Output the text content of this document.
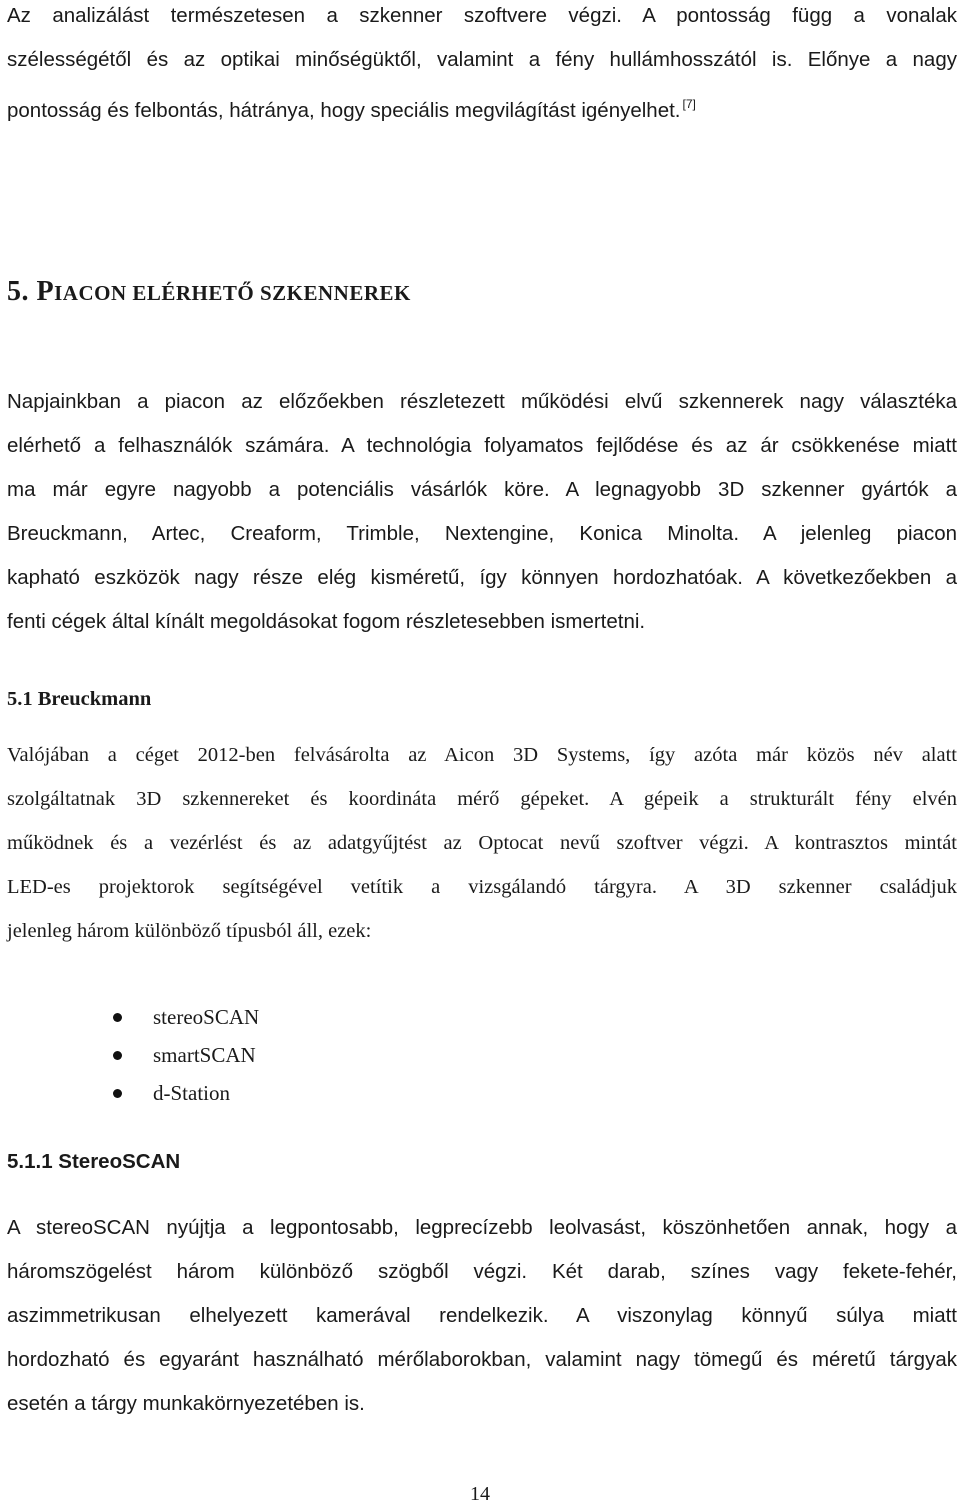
Az analizálást természetesen a szkenner szoftvere végzi. A pontosság függ a vonalak
szélességétől és az optikai minőségüktől, valamint a fény hullámhosszától is. Előnye a nagy
pontosság és felbontás, hátránya, hogy speciális megvilágítást igényelhet. [7]
5. PIACON ELÉRHETŐ SZKENNEREK
Napjainkban a piacon az előzőekben részletezett működési elvű szkennerek nagy választéka
elérhető a felhasználók számára. A technológia folyamatos fejlődése és az ár csökkenése miatt
ma már egyre nagyobb a potenciális vásárlók köre. A legnagyobb 3D szkenner gyártók a
Breuckmann, Artec, Creaform, Trimble, Nextengine, Konica Minolta. A jelenleg piacon
kapható eszközök nagy része elég kisméretű, így könnyen hordozhatóak. A következőekben a
fenti cégek által kínált megoldásokat fogom részletesebben ismertetni.
5.1 Breuckmann
Valójában a céget 2012-ben felvásárolta az Aicon 3D Systems, így azóta már közös név alatt
szolgáltatnak 3D szkennereket és koordináta mérő gépeket. A gépeik a strukturált fény elvén
működnek és a vezérlést és az adatgyűjtést az Optocat nevű szoftver végzi. A kontrasztos mintát
LED-es projektorok segítségével vetítik a vizsgálandó tárgyra. A 3D szkenner családjuk
jelenleg három különböző típusból áll, ezek:
stereoSCAN
smartSCAN
d-Station
5.1.1 StereoSCAN
A stereoSCAN nyújtja a legpontosabb, legprecízebb leolvasást, köszönhetően annak, hogy a
háromszögelést három különböző szögből végzi. Két darab, színes vagy fekete-fehér,
aszimmetrikusan elhelyezett kamerával rendelkezik. A viszonylag könnyű súlya miatt
hordozható és egyaránt használható mérőlaborokban, valamint nagy tömegű és méretű tárgyak
esetén a tárgy munkakörnyezetében is.
14
